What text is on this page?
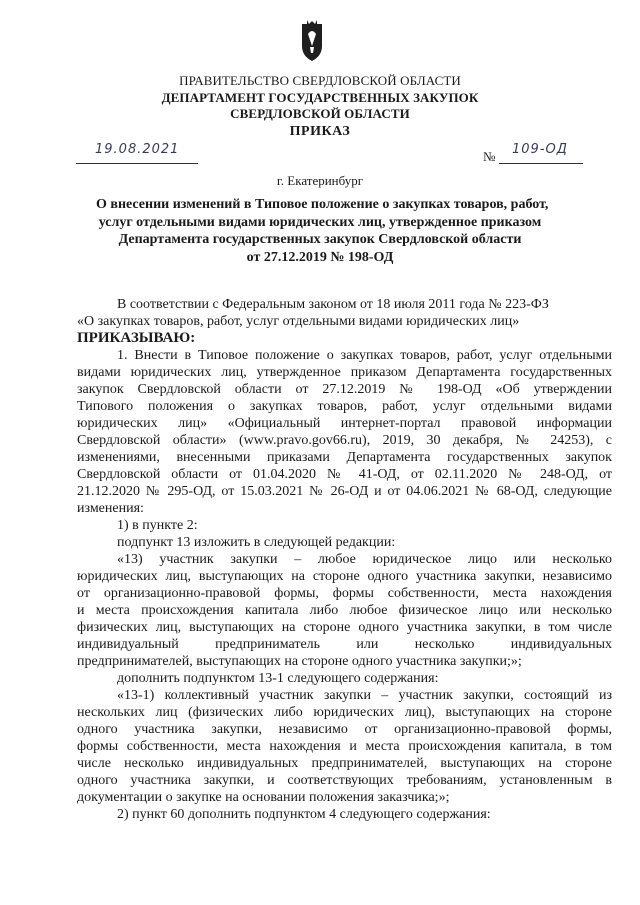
ПРАВИТЕЛЬСТВО СВЕРДЛОВСКОЙ ОБЛАСТИ
ДЕПАРТАМЕНТ ГОСУДАРСТВЕННЫХ ЗАКУПОК
СВЕРДЛОВСКОЙ ОБЛАСТИ
ПРИКАЗ
19.08.2021	№ 109-ОД
г. Екатеринбург
О внесении изменений в Типовое положение о закупках товаров, работ,
услуг отдельными видами юридических лиц, утвержденное приказом
Департамента государственных закупок Свердловской области
от 27.12.2019 № 198-ОД
В соответствии с Федеральным законом от 18 июля 2011 года № 223-ФЗ
«О закупках товаров, работ, услуг отдельными видами юридических лиц»
ПРИКАЗЫВАЮ:
1. Внести в Типовое положение о закупках товаров, работ, услуг отдельными
видами юридических лиц, утвержденное приказом Департамента государственных
закупок Свердловской области от 27.12.2019 № 198-ОД «Об утверждении
Типового положения о закупках товаров, работ, услуг отдельными видами
юридических лиц» «Официальный интернет-портал правовой информации
Свердловской области» (www.pravo.gov66.ru), 2019, 30 декабря, № 24253), с
изменениями, внесенными приказами Департамента государственных закупок
Свердловской области от 01.04.2020 № 41-ОД, от 02.11.2020 № 248-ОД, от
21.12.2020 № 295-ОД, от 15.03.2021 № 26-ОД и от 04.06.2021 № 68-ОД, следующие
изменения:
1) в пункте 2:
подпункт 13 изложить в следующей редакции:
«13) участник закупки – любое юридическое лицо или несколько
юридических лиц, выступающих на стороне одного участника закупки, независимо
от организационно-правовой формы, формы собственности, места нахождения
и места происхождения капитала либо любое физическое лицо или несколько
физических лиц, выступающих на стороне одного участника закупки, в том числе
индивидуальный предприниматель или несколько индивидуальных
предпринимателей, выступающих на стороне одного участника закупки;»;
дополнить подпунктом 13-1 следующего содержания:
«13-1) коллективный участник закупки – участник закупки, состоящий из
нескольких лиц (физических либо юридических лиц), выступающих на стороне
одного участника закупки, независимо от организационно-правовой формы,
формы собственности, места нахождения и места происхождения капитала, в том
числе несколько индивидуальных предпринимателей, выступающих на стороне
одного участника закупки, и соответствующих требованиям, установленным в
документации о закупке на основании положения заказчика;»;
2) пункт 60 дополнить подпунктом 4 следующего содержания:
